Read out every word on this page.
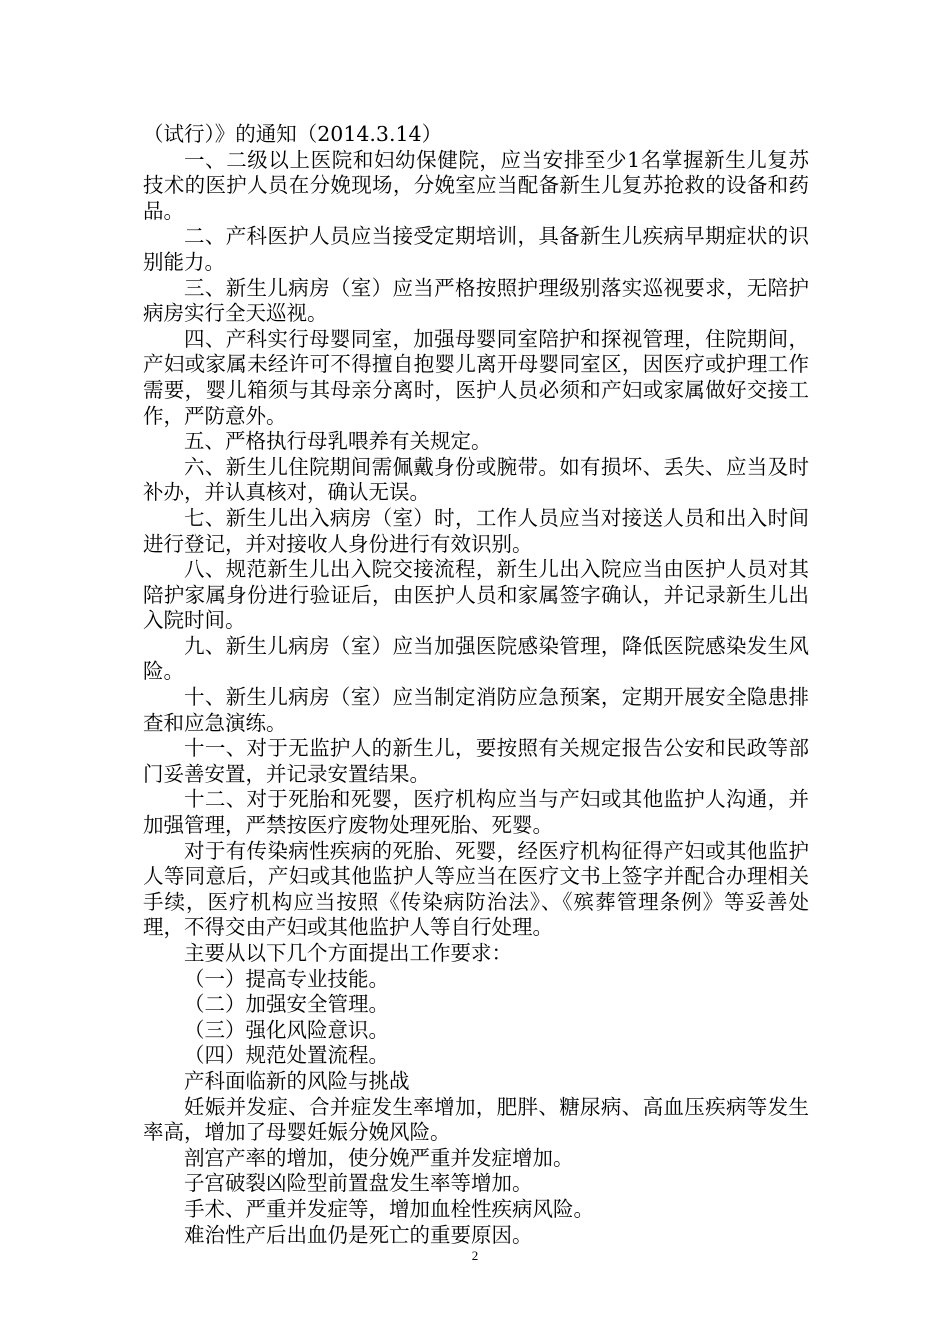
（试行）》的通知（2014.3.14）

一、二级以上医院和妇幼保健院，应当安排至少1名掌握新生儿复苏技术的医护人员在分娩现场，分娩室应当配备新生儿复苏抢救的设备和药品。

二、产科医护人员应当接受定期培训，具备新生儿疾病早期症状的识别能力。

三、新生儿病房（室）应当严格按照护理级别落实巡视要求，无陪护病房实行全天巡视。

四、产科实行母婴同室，加强母婴同室陪护和探视管理，住院期间，产妇或家属未经许可不得擅自抱婴儿离开母婴同室区，因医疗或护理工作需要，婴儿箱须与其母亲分离时，医护人员必须和产妇或家属做好交接工作，严防意外。

五、严格执行母乳喂养有关规定。

六、新生儿住院期间需佩戴身份或腕带。如有损坏、丢失、应当及时补办，并认真核对，确认无误。

七、新生儿出入病房（室）时，工作人员应当对接送人员和出入时间进行登记，并对接收人身份进行有效识别。

八、规范新生儿出入院交接流程，新生儿出入院应当由医护人员对其陪护家属身份进行验证后，由医护人员和家属签字确认，并记录新生儿出入院时间。

九、新生儿病房（室）应当加强医院感染管理，降低医院感染发生风险。

十、新生儿病房（室）应当制定消防应急预案，定期开展安全隐患排查和应急演练。

十一、对于无监护人的新生儿，要按照有关规定报告公安和民政等部门妥善安置，并记录安置结果。

十二、对于死胎和死婴，医疗机构应当与产妇或其他监护人沟通，并加强管理，严禁按医疗废物处理死胎、死婴。

对于有传染病性疾病的死胎、死婴，经医疗机构征得产妇或其他监护人等同意后，产妇或其他监护人等应当在医疗文书上签字并配合办理相关手续，医疗机构应当按照《传染病防治法》、《殡葬管理条例》等妥善处理，不得交由产妇或其他监护人等自行处理。

主要从以下几个方面提出工作要求：

（一）提高专业技能。

（二）加强安全管理。

（三）强化风险意识。

（四）规范处置流程。

产科面临新的风险与挑战

妊娠并发症、合并症发生率增加，肥胖、糖尿病、高血压疾病等发生率高，增加了母婴妊娠分娩风险。

剖宫产率的增加，使分娩严重并发症增加。

子宫破裂凶险型前置盘发生率等增加。

手术、严重并发症等，增加血栓性疾病风险。

难治性产后出血仍是死亡的重要原因。

2
